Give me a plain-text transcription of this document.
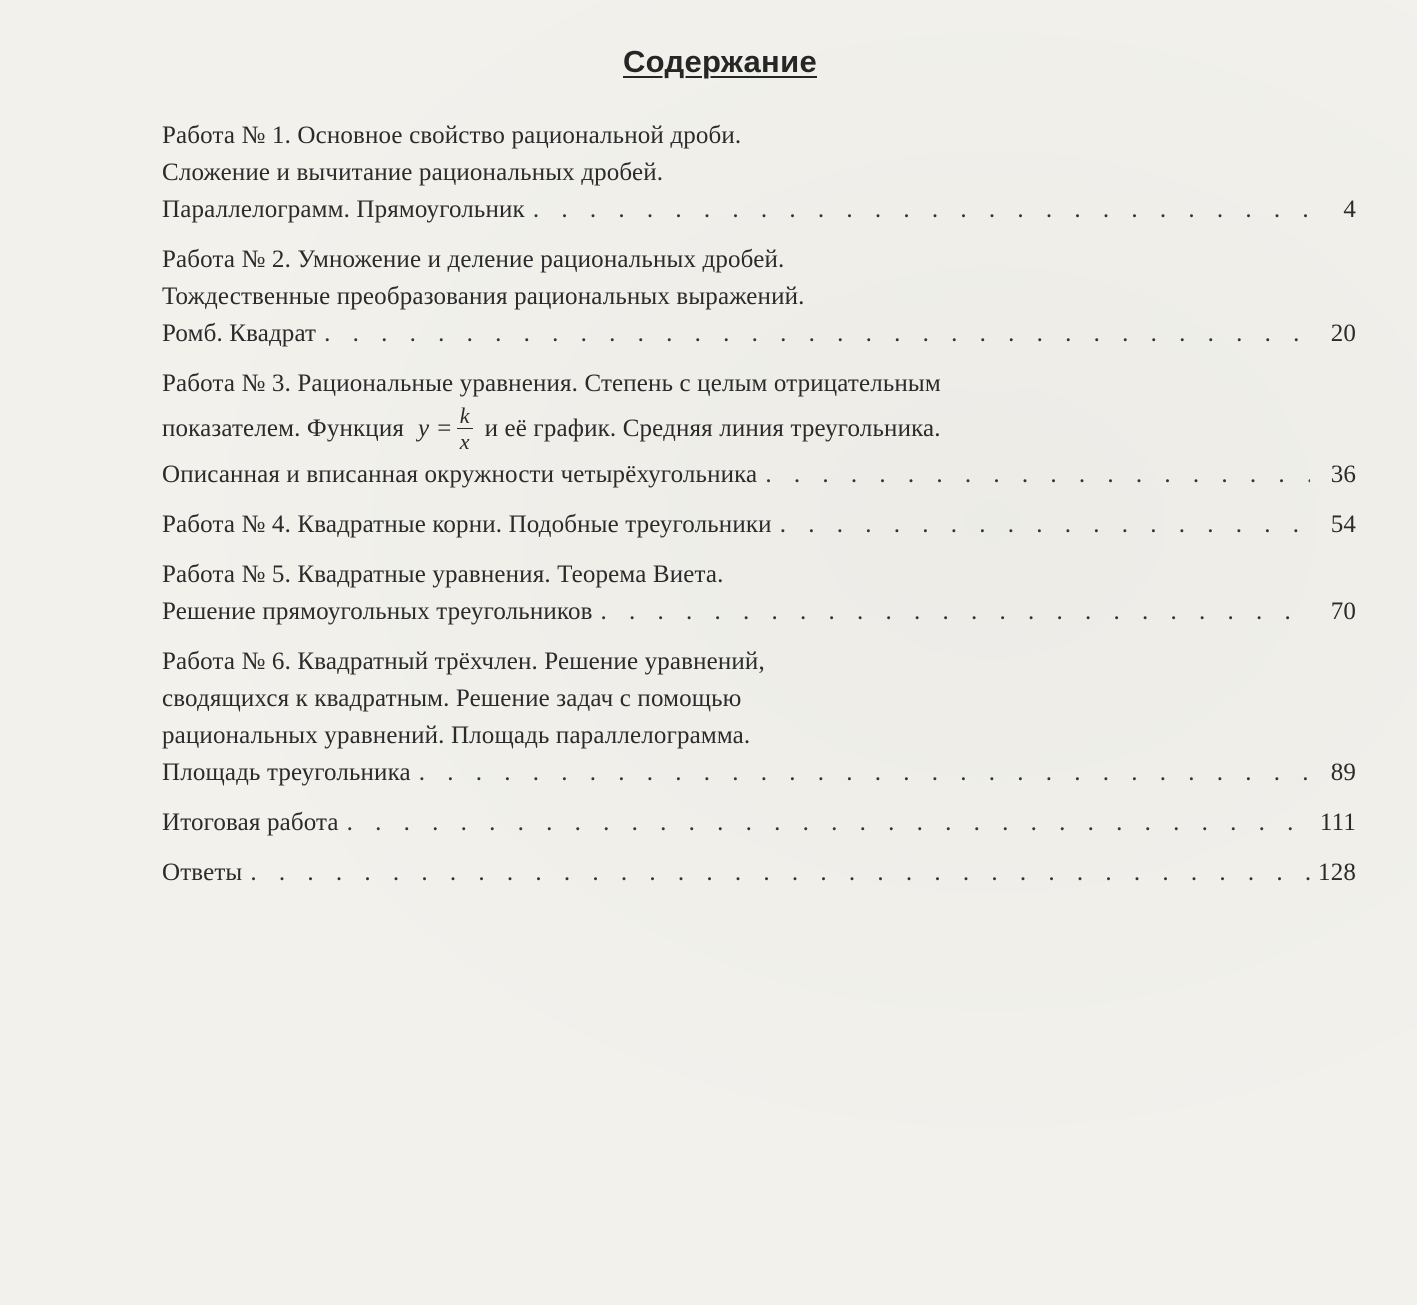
Содержание
Работа № 1. Основное свойство рациональной дроби.
Сложение и вычитание рациональных дробей.
Параллелограмм. Прямоугольник . . .	4
Работа № 2. Умножение и деление рациональных дробей.
Тождественные преобразования рациональных выражений.
Ромб. Квадрат . . .	20
Работа № 3. Рациональные уравнения. Степень с целым отрицательным
показателем. Функция $y = \frac{k}{x}$ и её график. Средняя линия треугольника.
Описанная и вписанная окружности четырёхугольника . . .	36
Работа № 4. Квадратные корни. Подобные треугольники . . .	54
Работа № 5. Квадратные уравнения. Теорема Виета.
Решение прямоугольных треугольников . . .	70
Работа № 6. Квадратный трёхчлен. Решение уравнений,
сводящихся к квадратным. Решение задач с помощью
рациональных уравнений. Площадь параллелограмма.
Площадь треугольника . . .	89
Итоговая работа . . .	111
Ответы . . .	128
